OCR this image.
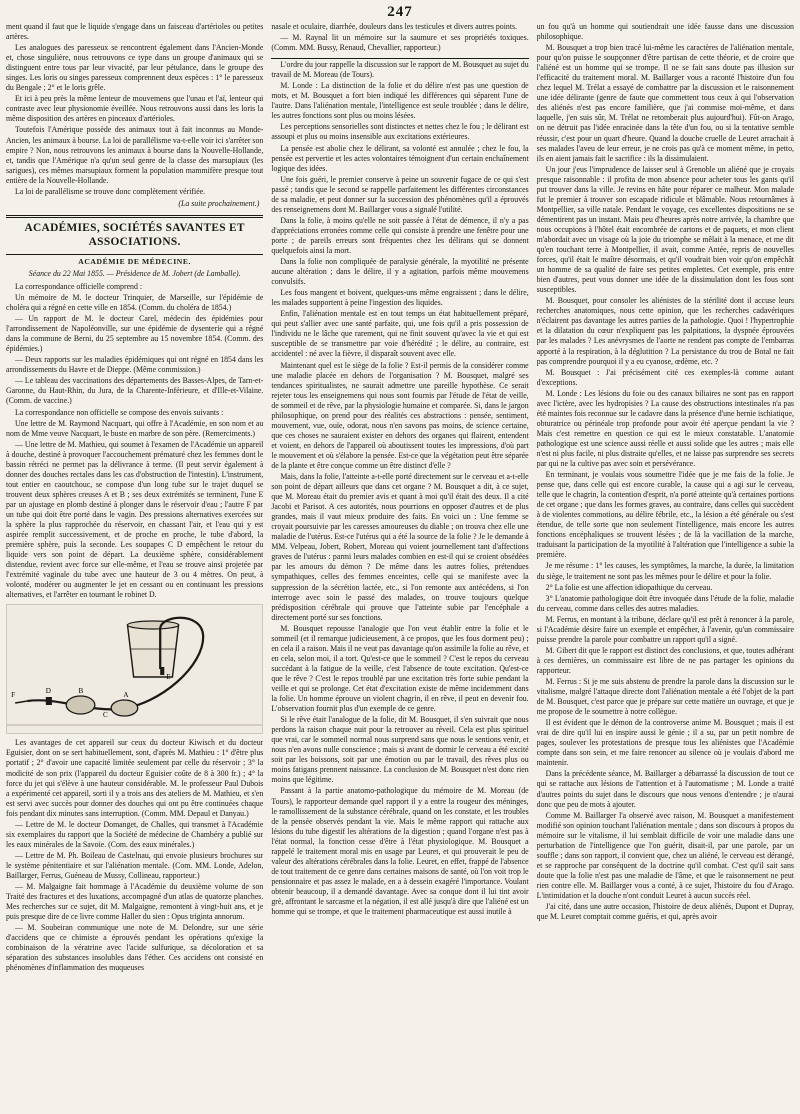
247

ment quand il faut que le liquide s'engage dans un faisceau d'artérioles ou petites artères.

Les analogues des paresseux se rencontrent également dans l'Ancien-Monde et, chose singulière, nous retrouvons ce type dans un groupe d'animaux qui se distinguent entre tous par leur vivacité, par leur pétulance, dans le groupe des singes. Les loris ou singes paresseux comprennent deux espèces : 1° le paresseux du Bengale ; 2° et le loris grêle.

Et ici à peu près la même lenteur de mouvemens que l'unau et l'aï, lenteur qui contraste avec leur physionomie éveillée. Nous retrouvons aussi dans les loris la même disposition des artères en pinceaux d'artérioles.

Toutefois l'Amérique possède des animaux tout à fait inconnus au Monde-Ancien, les animaux à bourse. La loi de parallélisme va-t-elle voir ici s'arrêter son empire ? Non, nous retrouvons les animaux à bourse dans la Nouvelle-Hollande, et, tandis que l'Amérique n'a qu'un seul genre de la classe des marsupiaux (les sarigues), ces mêmes marsupiaux forment la population mammifère presque tout entière de la Nouvelle-Hollande.

La loi de parallélisme se trouve donc complètement vérifiée.

(La suite prochainement.)
ACADÉMIES, SOCIÉTÉS SAVANTES ET ASSOCIATIONS.
ACADÉMIE DE MÉDECINE.
Séance du 22 Mai 1855. — Présidence de M. Jobert (de Lamballe).

La correspondance officielle comprend :

Un mémoire de M. le docteur Trinquier, de Marseille, sur l'épidémie de choléra qui a régné en cette ville en 1854. (Comm. du choléra de 1854.)

— Un rapport de M. le docteur Carel, médecin des épidémies pour l'arrondissement de Napoléonville, sur une épidémie de dysenterie qui a régné dans la commune de Berni, du 25 septembre au 15 novembre 1854. (Comm. des épidémies.)

— Deux rapports sur les maladies épidémiques qui ont régné en 1854 dans les arrondissements du Havre et de Dieppe. (Même commission.)

— Le tableau des vaccinations des départements des Basses-Alpes, de Tarn-et-Garonne, du Haut-Rhin, du Jura, de la Charente-Inférieure, et d'Ille-et-Vilaine. (Comm. de vaccine.)

La correspondance non officielle se compose des envois suivants :

Une lettre de M. Raymond Nacquart, qui offre à l'Académie, en son nom et au nom de Mme veuve Nacquart, le buste en marbre de son père. (Remerciments.)

— Une lettre de M. Mathieu, qui soumet à l'examen de l'Académie un appareil à douche, destiné à provoquer l'accouchement prématuré chez les femmes dont le bassin rétréci ne permet pas la délivrance à terme. (Il peut servir également à donner des douches rectales dans les cas d'obstruction de l'intestin). L'instrument, tout entier en caoutchouc, se compose d'un long tube sur le trajet duquel se trouvent deux sphères creuses A et B ; ses deux extrémités se terminent, l'une E par un ajustage en plomb destiné à plonger dans le réservoir d'eau ; l'autre F par un tube qui doit être porté dans le vagin. Des pressions alternatives exercées sur la sphère la plus rapprochée du réservoir, en chassant l'air, et l'eau qui y est aspirée remplit successivement, et de proche en proche, le tube d'abord, la première sphère, puis la seconde. Les soupapes C D empêchent le retour du liquide vers son point de départ. La deuxième sphère, considérablement distendue, revient avec force sur elle-même, et l'eau se trouve ainsi projetée par l'extrémité vaginale du tube avec une hauteur de 3 ou 4 mètres. On peut, à volonté, modérer ou augmenter le jet en cessant ou en continuant les pressions alternatives, et l'arrêter en tournant le robinet D.

A
B
C
D
E
F

Les avantages de cet appareil sur ceux du docteur Kiwisch et du docteur Eguisier, dont on se sert habituellement, sont, d'après M. Mathieu : 1° d'être plus portatif ; 2° d'avoir une capacité limitée seulement par celle du réservoir ; 3° la modicité de son prix (l'appareil du docteur Eguisier coûte de 8 à 300 fr.) ; 4° la force du jet qui s'élève à une hauteur considérable. M. le professeur Paul Dubois a expérimenté cet appareil, sorti il y a trois ans des ateliers de M. Mathieu, et s'en est servi avec succès pour donner des douches qui ont pu être continuées chaque fois pendant dix minutes sans interruption. (Comm. MM. Depaul et Danyau.)

— Lettre de M. le docteur Domanget, de Challes, qui transmet à l'Académie six exemplaires du rapport que la Société de médecine de Chambéry a publié sur les eaux minérales de la Savoie. (Com. des eaux minérales.)

— Lettre de M. Ph. Boileau de Castelnau, qui envoie plusieurs brochures sur le système pénitentiaire et sur l'aliénation mentale. (Com. MM. Londe, Adelon, Baillarger, Ferrus, Guéneau de Mussy, Collineau, rapporteur.)

— M. Malgaigne fait hommage à l'Académie du deuxième volume de son Traité des fractures et des luxations, accompagné d'un atlas de quatorze planches. Mes recherches sur ce sujet, dit M. Malgaigne, remontent à vingt-huit ans, et je puis presque dire de ce livre comme Haller du sien : Opus triginta annorum.

— M. Soubeiran communique une note de M. Delondre, sur une série d'accidens que ce chimiste a éprouvés pendant les opérations qu'exige la combinaison de la vératrine avec l'acide sulfurique, sa décoloration et sa séparation des substances insolubles dans l'éther. Ces accidens ont consisté en phénomènes d'inflammation des muqueuses

nasale et oculaire, diarrhée, douleurs dans les testicules et divers autres points.

— M. Raynal lit un mémoire sur la saumure et ses propriétés toxiques. (Comm. MM. Bussy, Renaud, Chevallier, rapporteur.)

L'ordre du jour rappelle la discussion sur le rapport de M. Bousquet au sujet du travail de M. Moreau (de Tours).

M. Londe : La distinction de la folie et du délire n'est pas une question de mots, et M. Bousquet a fort bien indiqué les différences qui séparent l'une de l'autre. Dans l'aliénation mentale, l'intelligence est seule troublée ; dans le délire, les autres fonctions sont plus ou moins lésées.

Les perceptions sensorielles sont distinctes et nettes chez le fou ; le délirant est assoupi et plus ou moins insensible aux excitations extérieures.

La pensée est abolie chez le délirant, sa volonté est annulée ; chez le fou, la pensée est pervertie et les actes volontaires témoignent d'un certain enchaînement logique des idées.

Une fois guéri, le premier conserve à peine un souvenir fugace de ce qui s'est passé ; tandis que le second se rappelle parfaitement les différentes circonstances de sa maladie, et peut donner sur la succession des phénomènes qu'il a éprouvés des renseignemens dont M. Baillarger vous a signalé l'utilité.

Dans la folie, à moins qu'elle ne soit passée à l'état de démence, il n'y a pas d'appréciations erronées comme celle qui consiste à prendre une fenêtre pour une porte ; de pareils erreurs sont fréquentes chez les délirans qui se donnent quelquefois ainsi la mort.

Dans la folie non compliquée de paralysie générale, la myotilité ne présente aucune altération ; dans le délire, il y a agitation, parfois même mouvemens convulsifs.

Les fous mangent et boivent, quelques-uns même engraissent ; dans le délire, les malades supportent à peine l'ingestion des liquides.

Enfin, l'aliénation mentale est en tout temps un état habituellement préparé, qui peut s'allier avec une santé parfaite, qui, une fois qu'il a pris possession de l'individu ne le lâche que rarement, qui ne finit souvent qu'avec la vie et qui est susceptible de se transmettre par voie d'hérédité ; le délire, au contraire, est accidentel : né avec la fièvre, il disparaît souvent avec elle.

Maintenant quel est le siège de la folie ? Est-il permis de la considérer comme une maladie placée en dehors de l'organisation ? M. Bousquet, malgré ses tendances spiritualistes, ne saurait admettre une pareille hypothèse. Ce serait rejeter tous les enseignemens qui nous sont fournis par l'étude de l'état de veille, de sommeil et de rêve, par la physiologie humaine et comparée. Si, dans le jargon philosophique, on prend pour des réalités ces abstractions : pensée, sentiment, mouvement, vue, ouïe, odorat, nous n'en savons pas moins, de science certaine, que ces choses ne sauraient exister en dehors des organes qui flairent, entendent et voient, en dehors de l'appareil où aboutissent toutes les impressions, d'où part le mouvement et où s'élabore la pensée. Est-ce que la végétation peut être séparée de la plante et être conçue comme un être distinct d'elle ?

Mais, dans la folie, l'atteinte a-t-elle porté directement sur le cerveau et a-t-elle son point de départ ailleurs que dans cet organe ? M. Bousquet a dit, à ce sujet, que M. Moreau était du premier avis et quant à moi qu'il était des deux. Il a cité Jacobi et Parisot. A ces autorités, nous pourrions en opposer d'autres et de plus grandes, mais il vaut mieux produire des faits. En voici un : Une femme se croyait poursuivie par les caresses amoureuses du diable ; on trouva chez elle une maladie de l'utérus. Est-ce l'utérus qui a été la source de la folie ? Je le demande à MM. Velpeau, Jobert, Robert, Moreau qui voient journellement tant d'affections graves de l'utérus : parmi leurs malades combien en est-il qui se croient obsédées par les amours du démon ? De même dans les autres folies, prétendues sympathiques, celles des femmes enceintes, celle qui se manifeste avec la suppression de la sécrétion lactée, etc., si l'on remonte aux antécédens, si l'on interroge avec soin le passé des malades, on trouve toujours quelque prédisposition cérébrale qui prouve que l'atteinte subie par l'encéphale a directement porté sur ses fonctions.

M. Bousquet repousse l'analogie que l'on veut établir entre la folie et le sommeil (et il remarque judicieusement, à ce propos, que les fous dorment peu) ; en cela il a raison. Mais il ne veut pas davantage qu'on assimile la folie au rêve, et en cela, selon moi, il a tort. Qu'est-ce que le sommeil ? C'est le repos du cerveau succédant à la fatigue de la veille, c'est l'absence de toute excitation. Qu'est-ce que le rêve ? C'est le repos troublé par une excitation très forte subie pendant la veille et qui se prolonge. Cet état d'excitation existe de même incidemment dans la folie. Un homme éprouve un violent chagrin, il en rêve, il peut en devenir fou. L'observation fournit plus d'un exemple de ce genre.

Si le rêve était l'analogue de la folie, dit M. Bousquet, il s'en suivrait que nous perdons la raison chaque nuit pour la retrouver au réveil. Cela est plus spirituel que vrai, car le sommeil normal nous surprend sans que nous le sentions venir, et nous n'en avons nulle conscience ; mais si avant de dormir le cerveau a été excité soit par les boissons, soit par une émotion ou par le travail, des rêves plus ou moins fatigans prennent naissance. La conclusion de M. Bousquet n'est donc rien moins que légitime.

Passant à la partie anatomo-pathologique du mémoire de M. Moreau (de Tours), le rapporteur demande quel rapport il y a entre la rougeur des méninges, le ramollissement de la substance cérébrale, quand on les constate, et les troubles de la pensée observés pendant la vie. Mais le même rapport qui rattache aux lésions du tube digestif les altérations de la digestion ; quand l'organe n'est pas à l'état normal, la fonction cesse d'être à l'état physiologique. M. Bousquet a rappelé le traitement moral mis en usage par Leuret, et qui prouverait le peu de valeur des altérations cérébrales dans la folie. Leuret, en effet, frappé de l'absence de tout traitement de ce genre dans certaines maisons de santé, où l'on voit trop le pensionnaire et pas assez le malade, en a à dessein exagéré l'importance. Voulant obtenir beaucoup, il a demandé davantage. Avec sa conque dont il lui tint avoir grè, affrontant le sarcasme et la négation, il est allé jusqu'à dire que l'aliéné est un homme qui se trompe, et que le traitement pharmaceutique est aussi inutile à

un fou qu'à un homme qui soutiendrait une idée fausse dans une discussion philosophique.

M. Bousquet a trop bien tracé lui-même les caractères de l'aliénation mentale, pour qu'on puisse le soupçonner d'être partisan de cette théorie, et de croire que l'aliéné est un homme qui se trompe. Il ne se fait sans doute pas illusion sur l'efficacité du traitement moral. M. Baillarger vous a raconté l'histoire d'un fou chez lequel M. Trélat a essayé de combattre par la discussion et le raisonnement une idée délirante (genre de faute que commettent tous ceux à qui l'observation des aliénés n'est pas encore familière, que j'ai commise moi-même, et dans laquelle, j'en suis sûr, M. Trélat ne retomberait plus aujourd'hui). Fût-on Arago, on ne détruit pas l'idée enracinée dans la tête d'un fou, ou si la tentative semble réussir, c'est pour un quart d'heure. Quand la douche cruelle de Leuret arrachait à ses malades l'aveu de leur erreur, je ne crois pas qu'à ce moment même, in petto, ils en aient jamais fait le sacrifice : ils la dissimulaient.

Un jour j'eus l'imprudence de laisser seul à Grenoble un aliéné que je croyais presque raisonnable : il profita de mon absence pour acheter tous les gants qu'il put trouver dans la ville. Je revins en hâte pour réparer ce malheur. Mon malade fut le premier à trouver son escapade ridicule et blâmable. Nous retournâmes à Montpellier, sa ville natale. Pendant le voyage, ces excellentes dispositions ne se démentirent pas un instant. Mais peu d'heures après notre arrivée, la chambre que nous occupions à l'hôtel était encombrée de cartons et de paquets, et mon client m'abordait avec un visage où la joie du triomphe se mêlait à la menace, et me dit qu'en touchant terre à Montpellier, il avait, comme Antée, repris de nouvelles forces, qu'il était le maître désormais, et qu'il voudrait bien voir qu'on empêchât un homme de sa qualité de faire ses petites emplettes. Cet exemple, pris entre bien d'autres, peut vous donner une idée de la dissimulation dont les fous sont susceptibles.

M. Bousquet, pour consoler les aliénistes de la stérilité dont il accuse leurs recherches anatomiques, nous cette opinion, que les recherches cadavériques n'éclairent pas davantage les autres parties de la pathologie. Quoi ! l'hypertrophie et la dilatation du cœur n'expliquent pas les palpitations, la dyspnée éprouvées par les malades ? Les anévrysmes de l'aorte ne rendent pas compte de l'embarras apporté à la respiration, à la déglutition ? La persistance du trou de Botal ne fait pas comprendre pourquoi il y a eu cyanose, œdème, etc. ?

M. Bousquet : J'ai précisément cité ces exemples-là comme autant d'exceptions.

M. Londe : Les lésions du foie ou des canaux biliaires ne sont pas en rapport avec l'ictère, avec les hydropisies ? La cause des obstructions intestinales n'a pas été maintes fois reconnue sur le cadavre dans la présence d'une hernie ischiatique, obturatrice ou périnéale trop profonde pour avoir été aperçue pendant la vie ? Mais c'est remettre en question ce qui est le mieux constatable. L'anatomie pathologique est une science aussi réelle et aussi solide que les autres ; mais elle n'est ni plus facile, ni plus distraite qu'elles, et ne laisse pas surprendre ses secrets par qui ne la cultive pas avec soin et persévérance.

En terminant, je voulais vous soumettre l'idée que je me fais de la folie. Je pense que, dans celle qui est encore curable, la cause qui a agi sur le cerveau, telle que le chagrin, la contention d'esprit, n'a porté atteinte qu'à certaines portions de cet organe ; que dans les formes graves, au contraire, dans celles qui succèdent à de violentes commotions, au délire fébrile, etc., la lésion a été générale ou s'est étendue, de telle sorte que non seulement l'intelligence, mais encore les autres fonctions encéphaliques se trouvent lésées ; de là la vacillation de la marche, traduisant la participation de la myotilité à l'altération que l'intelligence a subie la première.

Je me résume : 1° les causes, les symptômes, la marche, la durée, la limitation du siège, le traitement ne sont pas les mêmes pour le délire et pour la folie.

2° La folie est une affection idiopathique du cerveau.

3° L'anatomie pathologique doit être invoquée dans l'étude de la folie, maladie du cerveau, comme dans celles des autres maladies.

M. Ferrus, en montant à la tribune, déclare qu'il est prêt à renoncer à la parole, si l'Académie désire faire un exemple et empêcher, à l'avenir, qu'un commissaire puisse prendre la parole pour combattre un rapport qu'il a signé.

M. Gibert dit que le rapport est distinct des conclusions, et que, toutes adhérant à ces dernières, un commissaire est libre de ne pas partager les opinions du rapporteur.

M. Ferrus : Si je me suis abstenu de prendre la parole dans la discussion sur le vitalisme, malgré l'attaque directe dont l'aliénation mentale a été l'objet de la part de M. Bousquet, c'est parce que je prépare sur cette matière un ouvrage, et que je me propose de le soumettre à notre collègue.

Il est évident que le démon de la controverse anime M. Bousquet ; mais il est vrai de dire qu'il lui en inspire aussi le génie ; il a su, par un petit nombre de pages, soulever les protestations de presque tous les aliénistes que l'Académie compte dans son sein, et me faire renoncer au silence où je voulais d'abord me maintenir.

Dans la précédente séance, M. Baillarger a débarrassé la discussion de tout ce qui se rattache aux lésions de l'attention et à l'automatisme ; M. Londe a traité d'autres points du sujet dans le discours que nous venons d'entendre ; je n'aurai donc que peu de mots à ajouter.

Comme M. Baillarger l'a observé avec raison, M. Bousquet a manifestement modifié son opinion touchant l'aliénation mentale ; dans son discours à propos du mémoire sur le vitalisme, il lui semblait difficile de voir une maladie dans une perturbation de l'intelligence que l'on guérit, disait-il, par une parole, par un souffle ; dans son rapport, il convient que, chez un aliéné, le cerveau est dérangé, et se rapproche par conséquent de la doctrine qu'il combat. C'est qu'il sait sans doute que la folie n'est pas une maladie de l'âme, et que le raisonnement ne peut rien contre elle. M. Baillarger vous a conté, à ce sujet, l'histoire du fou d'Arago. L'intimidation et la douche n'ont conduit Leuret à aucun succès réel.

J'ai cité, dans une autre occasion, l'histoire de deux aliénés, Dupont et Dupray, que M. Leuret comptait comme guéris, et qui, après avoir
